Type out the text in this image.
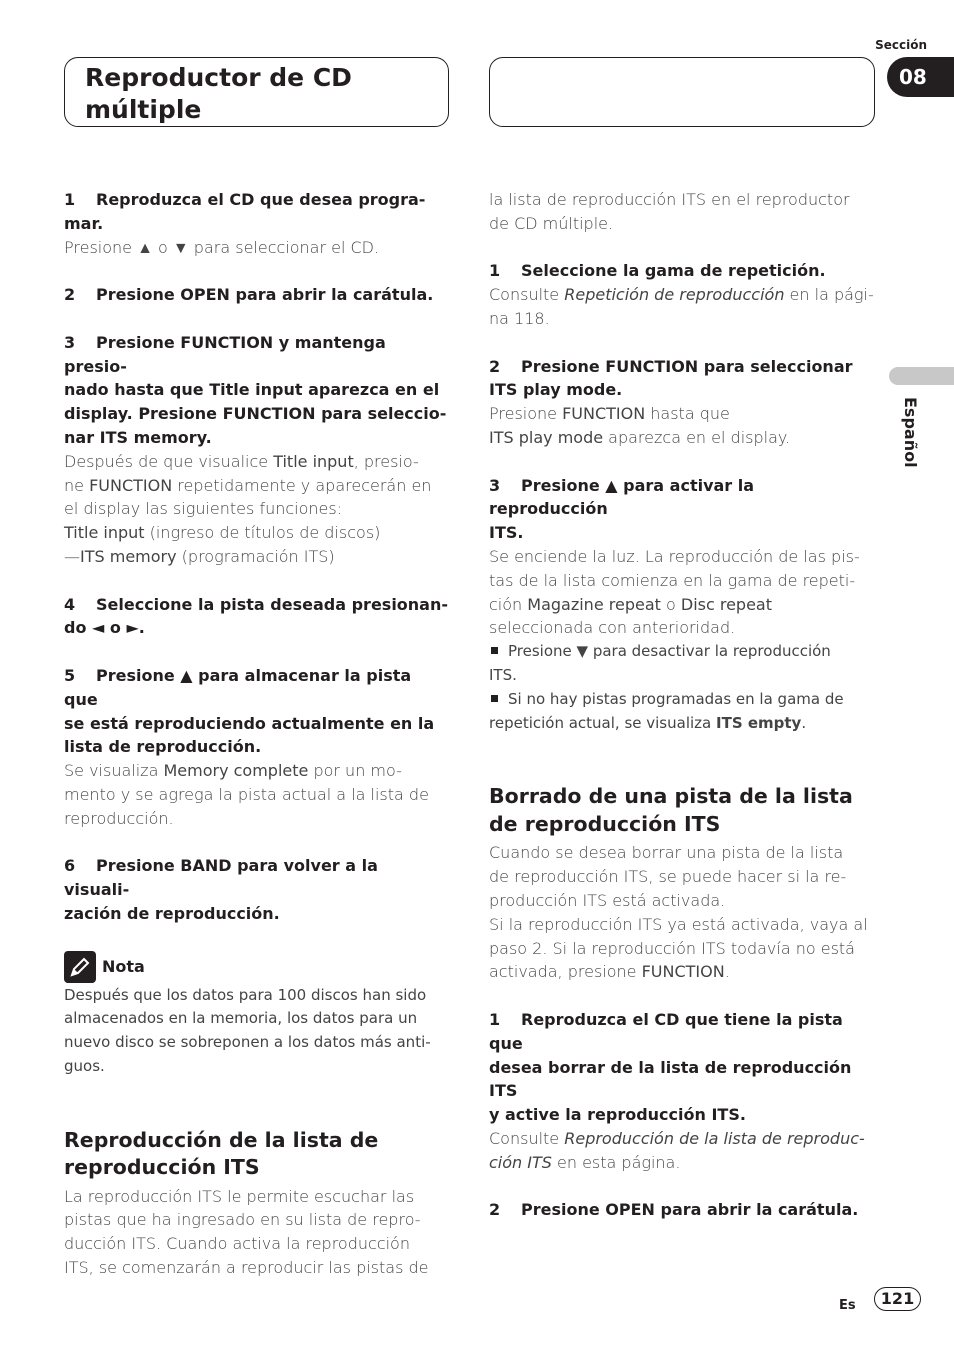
Reproductor de CD
múltiple
Sección
08
Español

1 Reproduzca el CD que desea progra-
mar.

Presione ▲ o ▼ para seleccionar el CD.

2 Presione OPEN para abrir la carátula.

3 Presione FUNCTION y mantenga presio-
nado hasta que Title input aparezca en el
display. Presione FUNCTION para seleccio-
nar ITS memory.

Después de que visualice Title input, presio-
ne FUNCTION repetidamente y aparecerán en
el display las siguientes funciones:
Title input (ingreso de títulos de discos)
—ITS memory (programación ITS)

4 Seleccione la pista deseada presionan-
do ◄ o ►.

5 Presione ▲ para almacenar la pista que
se está reproduciendo actualmente en la
lista de reproducción.

Se visualiza Memory complete por un mo-
mento y se agrega la pista actual a la lista de
reproducción.

6 Presione BAND para volver a la visuali-
zación de reproducción.

Nota

Después que los datos para 100 discos han sido
almacenados en la memoria, los datos para un
nuevo disco se sobreponen a los datos más anti-
guos.

Reproducción de la lista de
reproducción ITS

La reproducción ITS le permite escuchar las
pistas que ha ingresado en su lista de repro-
ducción ITS. Cuando activa la reproducción
ITS, se comenzarán a reproducir las pistas de

la lista de reproducción ITS en el reproductor
de CD múltiple.

1 Seleccione la gama de repetición.

Consulte Repetición de reproducción en la pági-
na 118.

2 Presione FUNCTION para seleccionar
ITS play mode.

Presione FUNCTION hasta que
ITS play mode aparezca en el display.

3 Presione ▲ para activar la reproducción
ITS.

Se enciende la luz. La reproducción de las pis-
tas de la lista comienza en la gama de repeti-
ción Magazine repeat o Disc repeat
seleccionada con anterioridad.

Presione ▼ para desactivar la reproducción
ITS.

Si no hay pistas programadas en la gama de
repetición actual, se visualiza ITS empty.

Borrado de una pista de la lista
de reproducción ITS

Cuando se desea borrar una pista de la lista
de reproducción ITS, se puede hacer si la re-
producción ITS está activada.
Si la reproducción ITS ya está activada, vaya al
paso 2. Si la reproducción ITS todavía no está
activada, presione FUNCTION.

1 Reproduzca el CD que tiene la pista que
desea borrar de la lista de reproducción ITS
y active la reproducción ITS.

Consulte Reproducción de la lista de reproduc-
ción ITS en esta página.

2 Presione OPEN para abrir la carátula.

Es	121
